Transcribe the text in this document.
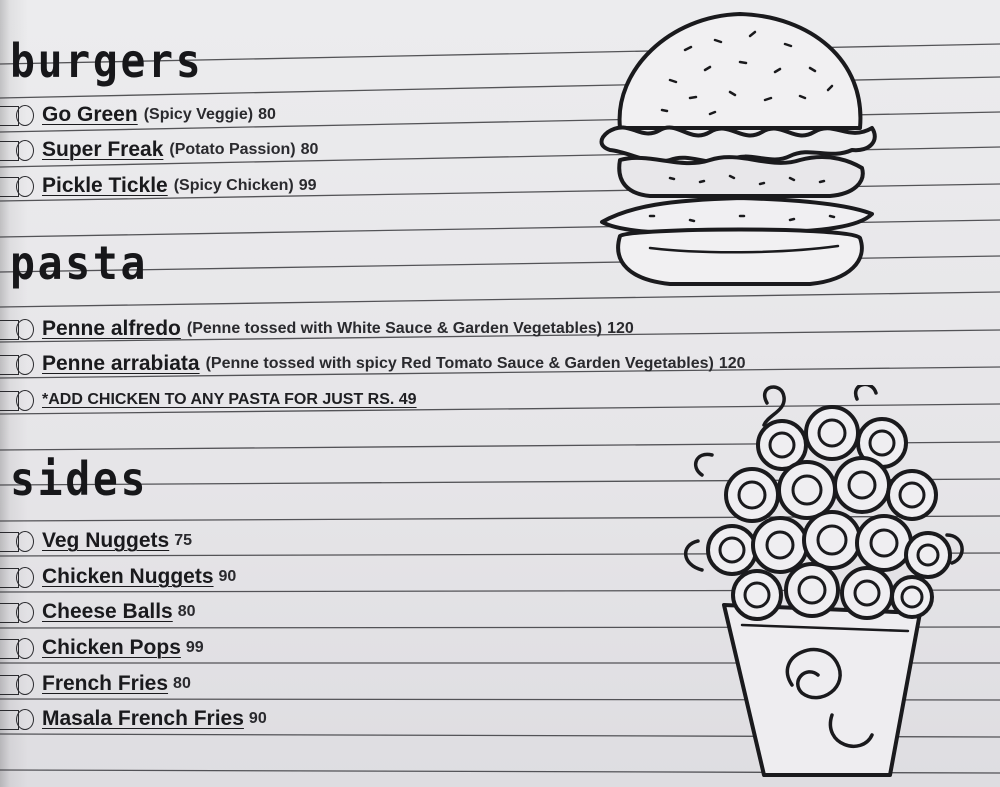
burgers
Go Green (Spicy Veggie) 80
Super Freak (Potato Passion) 80
Pickle Tickle (Spicy Chicken) 99
pasta
Penne alfredo (Penne tossed with White Sauce & Garden Vegetables) 120
Penne arrabiata (Penne tossed with spicy Red Tomato Sauce & Garden Vegetables) 120
*ADD CHICKEN TO ANY PASTA FOR JUST RS. 49
sides
Veg Nuggets 75
Chicken Nuggets 90
Cheese Balls 80
Chicken Pops 99
French Fries 80
Masala French Fries 90
